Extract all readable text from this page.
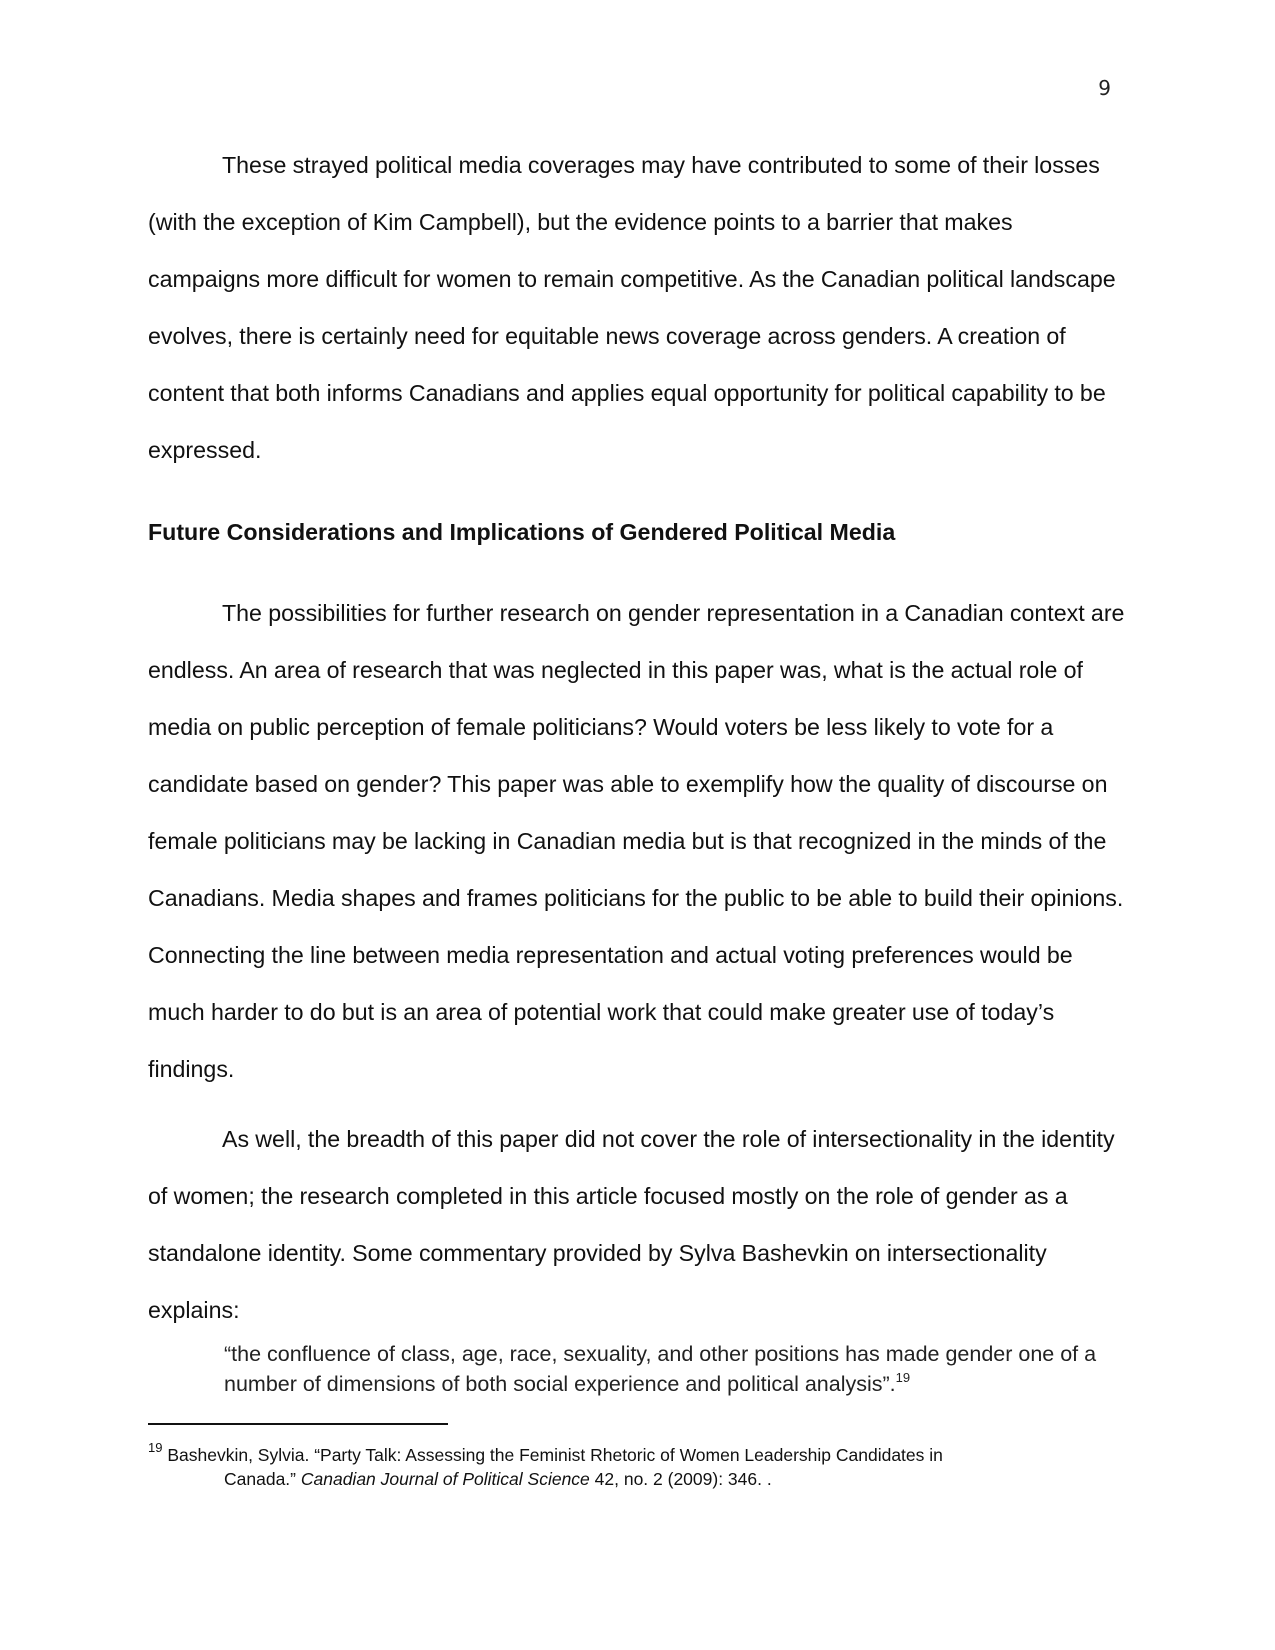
9

These strayed political media coverages may have contributed to some of their losses (with the exception of Kim Campbell), but the evidence points to a barrier that makes campaigns more difficult for women to remain competitive. As the Canadian political landscape evolves, there is certainly need for equitable news coverage across genders. A creation of content that both informs Canadians and applies equal opportunity for political capability to be expressed.

Future Considerations and Implications of Gendered Political Media

The possibilities for further research on gender representation in a Canadian context are endless. An area of research that was neglected in this paper was, what is the actual role of media on public perception of female politicians? Would voters be less likely to vote for a candidate based on gender? This paper was able to exemplify how the quality of discourse on female politicians may be lacking in Canadian media but is that recognized in the minds of the Canadians. Media shapes and frames politicians for the public to be able to build their opinions. Connecting the line between media representation and actual voting preferences would be much harder to do but is an area of potential work that could make greater use of today’s findings.

As well, the breadth of this paper did not cover the role of intersectionality in the identity of women; the research completed in this article focused mostly on the role of gender as a standalone identity. Some commentary provided by Sylva Bashevkin on intersectionality explains:

“the confluence of class, age, race, sexuality, and other positions has made gender one of a number of dimensions of both social experience and political analysis”.$^{19}$

$^{19}$ Bashevkin, Sylvia. “Party Talk: Assessing the Feminist Rhetoric of Women Leadership Candidates in
Canada.” Canadian Journal of Political Science 42, no. 2 (2009): 346. .
